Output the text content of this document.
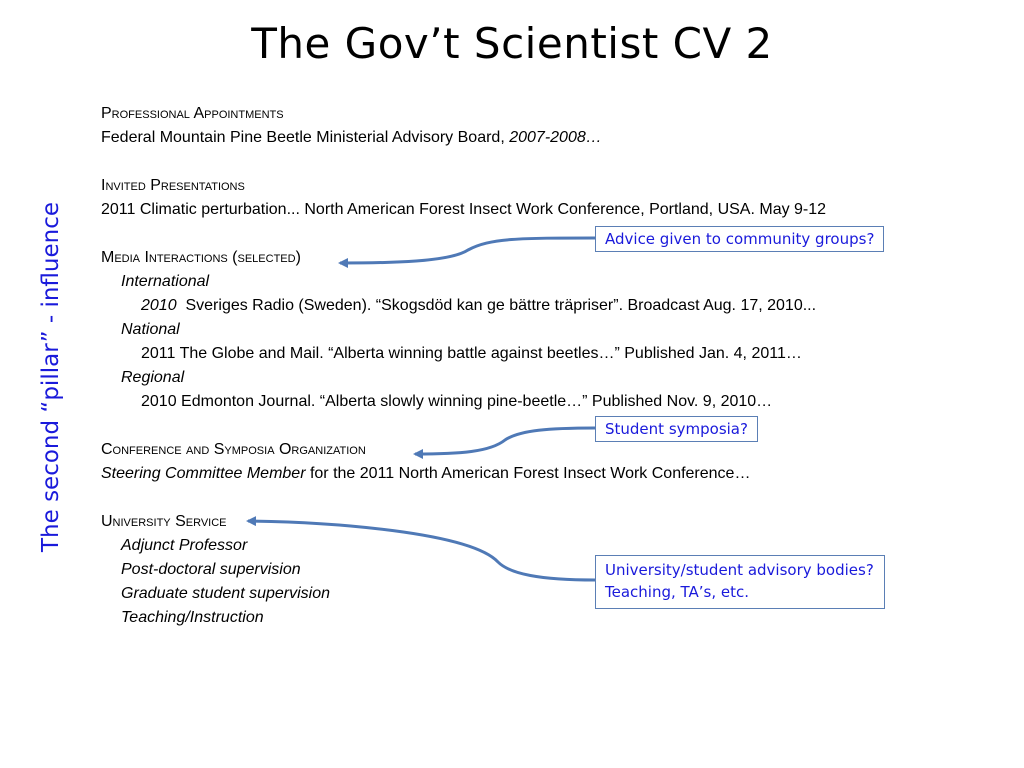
The Gov’t Scientist CV 2
The second “pillar” - influence
Professional Appointments
Federal Mountain Pine Beetle Ministerial Advisory Board, 2007-2008…
Invited Presentations
2011 Climatic perturbation... North American Forest Insect Work Conference, Portland, USA. May 9-12
Media Interactions (selected)
International
2010 Sveriges Radio (Sweden). “Skogsdöd kan ge bättre träpriser”. Broadcast Aug. 17, 2010...
National
2011 The Globe and Mail. “Alberta winning battle against beetles…” Published Jan. 4, 2011…
Regional
2010 Edmonton Journal. “Alberta slowly winning pine-beetle…” Published Nov. 9, 2010…
Conference and Symposia Organization
Steering Committee Member for the 2011 North American Forest Insect Work Conference…
University Service
Adjunct Professor
Post-doctoral supervision
Graduate student supervision
Teaching/Instruction
Advice given to community groups?
Student symposia?
University/student advisory bodies?
Teaching, TA’s, etc.
